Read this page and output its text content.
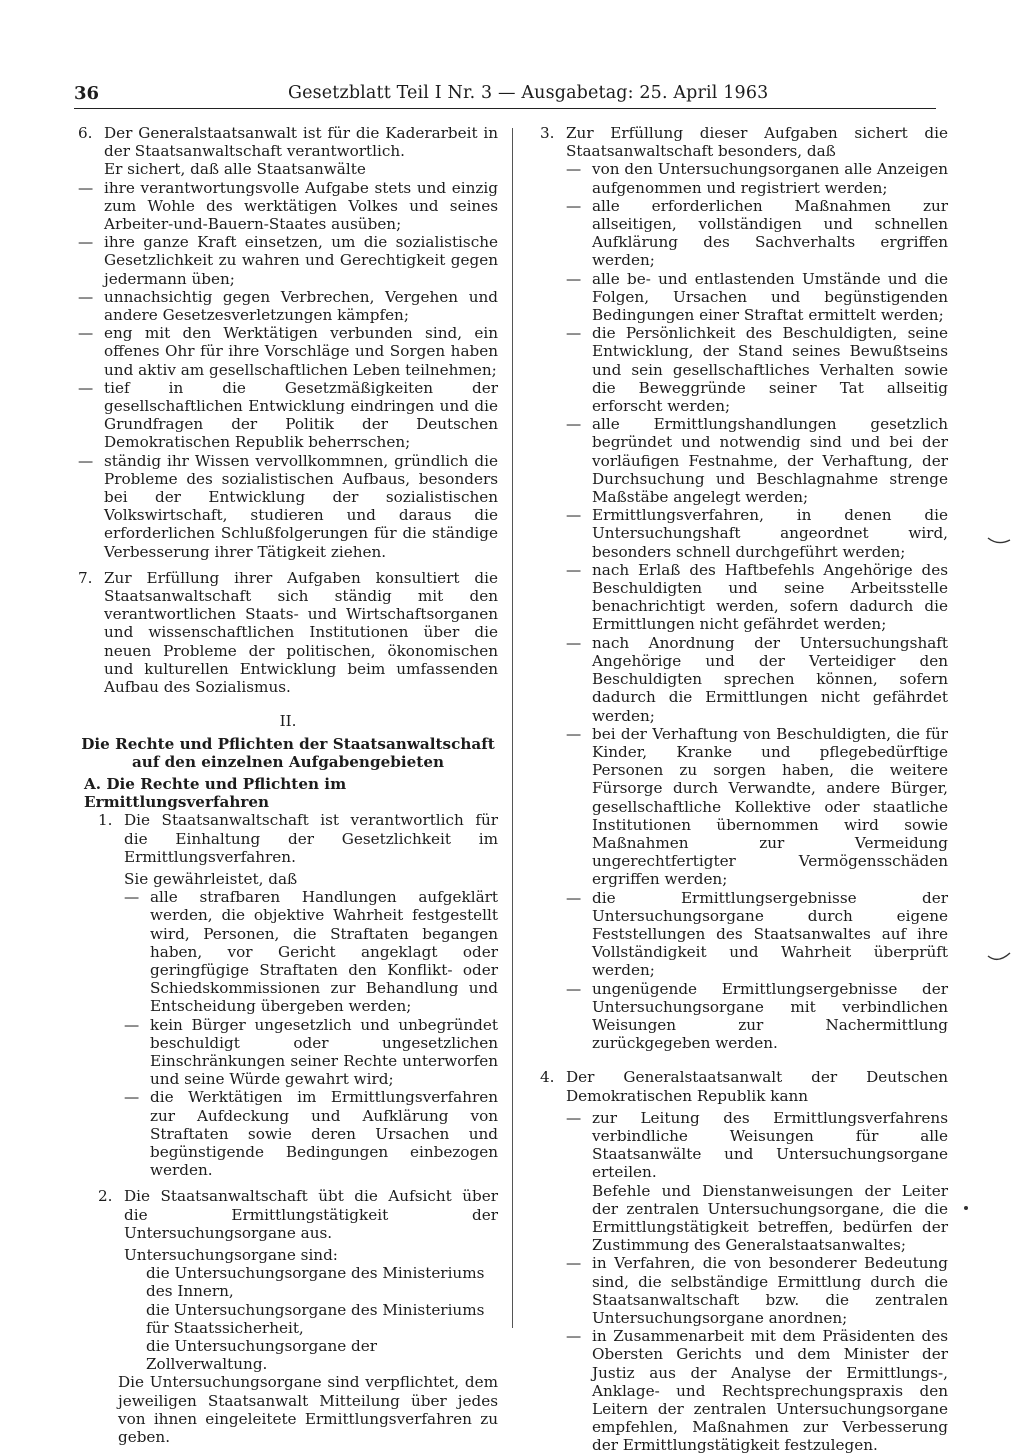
36	Gesetzblatt Teil I Nr. 3 — Ausgabetag: 25. April 1963
6. Der Generalstaatsanwalt ist für die Kaderarbeit in der Staatsanwaltschaft verantwortlich.

Er sichert, daß alle Staatsanwälte

— ihre verantwortungsvolle Aufgabe stets und einzig zum Wohle des werktätigen Volkes und seines Arbeiter-und-Bauern-Staates ausüben;

— ihre ganze Kraft einsetzen, um die sozialistische Gesetzlichkeit zu wahren und Gerechtigkeit gegen jedermann üben;

— unnachsichtig gegen Verbrechen, Vergehen und andere Gesetzesverletzungen kämpfen;

— eng mit den Werktätigen verbunden sind, ein offenes Ohr für ihre Vorschläge und Sorgen haben und aktiv am gesellschaftlichen Leben teilnehmen;

— tief in die Gesetzmäßigkeiten der gesellschaftlichen Entwicklung eindringen und die Grundfragen der Politik der Deutschen Demokratischen Republik beherrschen;

— ständig ihr Wissen vervollkommnen, gründlich die Probleme des sozialistischen Aufbaus, besonders bei der Entwicklung der sozialistischen Volkswirtschaft, studieren und daraus die erforderlichen Schlußfolgerungen für die ständige Verbesserung ihrer Tätigkeit ziehen.

7. Zur Erfüllung ihrer Aufgaben konsultiert die Staatsanwaltschaft sich ständig mit den verantwortlichen Staats- und Wirtschaftsorganen und wissenschaftlichen Institutionen über die neuen Probleme der politischen, ökonomischen und kulturellen Entwicklung beim umfassenden Aufbau des Sozialismus.

II.

Die Rechte und Pflichten der Staatsanwaltschaft

auf den einzelnen Aufgabengebieten

A. Die Rechte und Pflichten im Ermittlungsverfahren

1. Die Staatsanwaltschaft ist verantwortlich für die Einhaltung der Gesetzlichkeit im Ermittlungsverfahren.

Sie gewährleistet, daß

— alle strafbaren Handlungen aufgeklärt werden, die objektive Wahrheit festgestellt wird, Personen, die Straftaten begangen haben, vor Gericht angeklagt oder geringfügige Straftaten den Konflikt- oder Schiedskommissionen zur Behandlung und Entscheidung übergeben werden;

— kein Bürger ungesetzlich und unbegründet beschuldigt oder ungesetzlichen Einschränkungen seiner Rechte unterworfen und seine Würde gewahrt wird;

— die Werktätigen im Ermittlungsverfahren zur Aufdeckung und Aufklärung von Straftaten sowie deren Ursachen und begünstigende Bedingungen einbezogen werden.

2. Die Staatsanwaltschaft übt die Aufsicht über die Ermittlungstätigkeit der Untersuchungsorgane aus.

Untersuchungsorgane sind:

die Untersuchungsorgane des Ministeriums des Innern,

die Untersuchungsorgane des Ministeriums für Staatssicherheit,

die Untersuchungsorgane der Zollverwaltung.

Die Untersuchungsorgane sind verpflichtet, dem jeweiligen Staatsanwalt Mitteilung über jedes von ihnen eingeleitete Ermittlungsverfahren zu geben.

3. Zur Erfüllung dieser Aufgaben sichert die Staatsanwaltschaft besonders, daß

— von den Untersuchungsorganen alle Anzeigen aufgenommen und registriert werden;

— alle erforderlichen Maßnahmen zur allseitigen, vollständigen und schnellen Aufklärung des Sachverhalts ergriffen werden;

— alle be- und entlastenden Umstände und die Folgen, Ursachen und begünstigenden Bedingungen einer Straftat ermittelt werden;

— die Persönlichkeit des Beschuldigten, seine Entwicklung, der Stand seines Bewußtseins und sein gesellschaftliches Verhalten sowie die Beweggründe seiner Tat allseitig erforscht werden;

— alle Ermittlungshandlungen gesetzlich begründet und notwendig sind und bei der vorläufigen Festnahme, der Verhaftung, der Durchsuchung und Beschlagnahme strenge Maßstäbe angelegt werden;

— Ermittlungsverfahren, in denen die Untersuchungshaft angeordnet wird, besonders schnell durchgeführt werden;

— nach Erlaß des Haftbefehls Angehörige des Beschuldigten und seine Arbeitsstelle benachrichtigt werden, sofern dadurch die Ermittlungen nicht gefährdet werden;

— nach Anordnung der Untersuchungshaft Angehörige und der Verteidiger den Beschuldigten sprechen können, sofern dadurch die Ermittlungen nicht gefährdet werden;

— bei der Verhaftung von Beschuldigten, die für Kinder, Kranke und pflegebedürftige Personen zu sorgen haben, die weitere Fürsorge durch Verwandte, andere Bürger, gesellschaftliche Kollektive oder staatliche Institutionen übernommen wird sowie Maßnahmen zur Vermeidung ungerechtfertigter Vermögensschäden ergriffen werden;

— die Ermittlungsergebnisse der Untersuchungsorgane durch eigene Feststellungen des Staatsanwaltes auf ihre Vollständigkeit und Wahrheit überprüft werden;

— ungenügende Ermittlungsergebnisse der Untersuchungsorgane mit verbindlichen Weisungen zur Nachermittlung zurückgegeben werden.

4. Der Generalstaatsanwalt der Deutschen Demokratischen Republik kann

— zur Leitung des Ermittlungsverfahrens verbindliche Weisungen für alle Staatsanwälte und Untersuchungsorgane erteilen.

Befehle und Dienstanweisungen der Leiter der zentralen Untersuchungsorgane, die die Ermittlungstätigkeit betreffen, bedürfen der Zustimmung des Generalstaatsanwaltes;

— in Verfahren, die von besonderer Bedeutung sind, die selbständige Ermittlung durch die Staatsanwaltschaft bzw. die zentralen Untersuchungsorgane anordnen;

— in Zusammenarbeit mit dem Präsidenten des Obersten Gerichts und dem Minister der Justiz aus der Analyse der Ermittlungs-, Anklage- und Rechtsprechungspraxis den Leitern der zentralen Untersuchungsorgane empfehlen, Maßnahmen zur Verbesserung der Ermittlungstätigkeit festzulegen.
